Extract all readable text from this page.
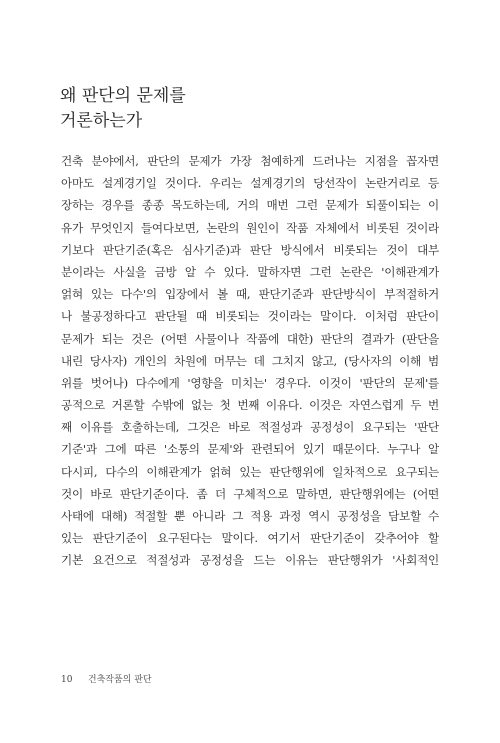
왜 판단의 문제를
거론하는가
건축 분야에서, 판단의 문제가 가장 첨예하게 드러나는 지점을 꼽자면
아마도 설계경기일 것이다. 우리는 설계경기의 당선작이 논란거리로 등
장하는 경우를 종종 목도하는데, 거의 매번 그런 문제가 되풀이되는 이
유가 무엇인지 들여다보면, 논란의 원인이 작품 자체에서 비롯된 것이라
기보다 판단기준(혹은 심사기준)과 판단 방식에서 비롯되는 것이 대부
분이라는 사실을 금방 알 수 있다. 말하자면 그런 논란은 '이해관계가
얽혀 있는 다수'의 입장에서 볼 때, 판단기준과 판단방식이 부적절하거
나 불공정하다고 판단될 때 비롯되는 것이라는 말이다. 이처럼 판단이
문제가 되는 것은 (어떤 사물이나 작품에 대한) 판단의 결과가 (판단을
내린 당사자) 개인의 차원에 머무는 데 그치지 않고, (당사자의 이해 범
위를 벗어나) 다수에게 '영향을 미치는' 경우다. 이것이 '판단의 문제'를
공적으로 거론할 수밖에 없는 첫 번째 이유다. 이것은 자연스럽게 두 번
째 이유를 호출하는데, 그것은 바로 적절성과 공정성이 요구되는 '판단
기준'과 그에 따른 '소통의 문제'와 관련되어 있기 때문이다. 누구나 알
다시피, 다수의 이해관계가 얽혀 있는 판단행위에 일차적으로 요구되는
것이 바로 판단기준이다. 좀 더 구체적으로 말하면, 판단행위에는 (어떤
사태에 대해) 적절할 뿐 아니라 그 적용 과정 역시 공정성을 담보할 수
있는 판단기준이 요구된다는 말이다. 여기서 판단기준이 갖추어야 할
기본 요건으로 적절성과 공정성을 드는 이유는 판단행위가 '사회적인
10 건축작품의 판단
